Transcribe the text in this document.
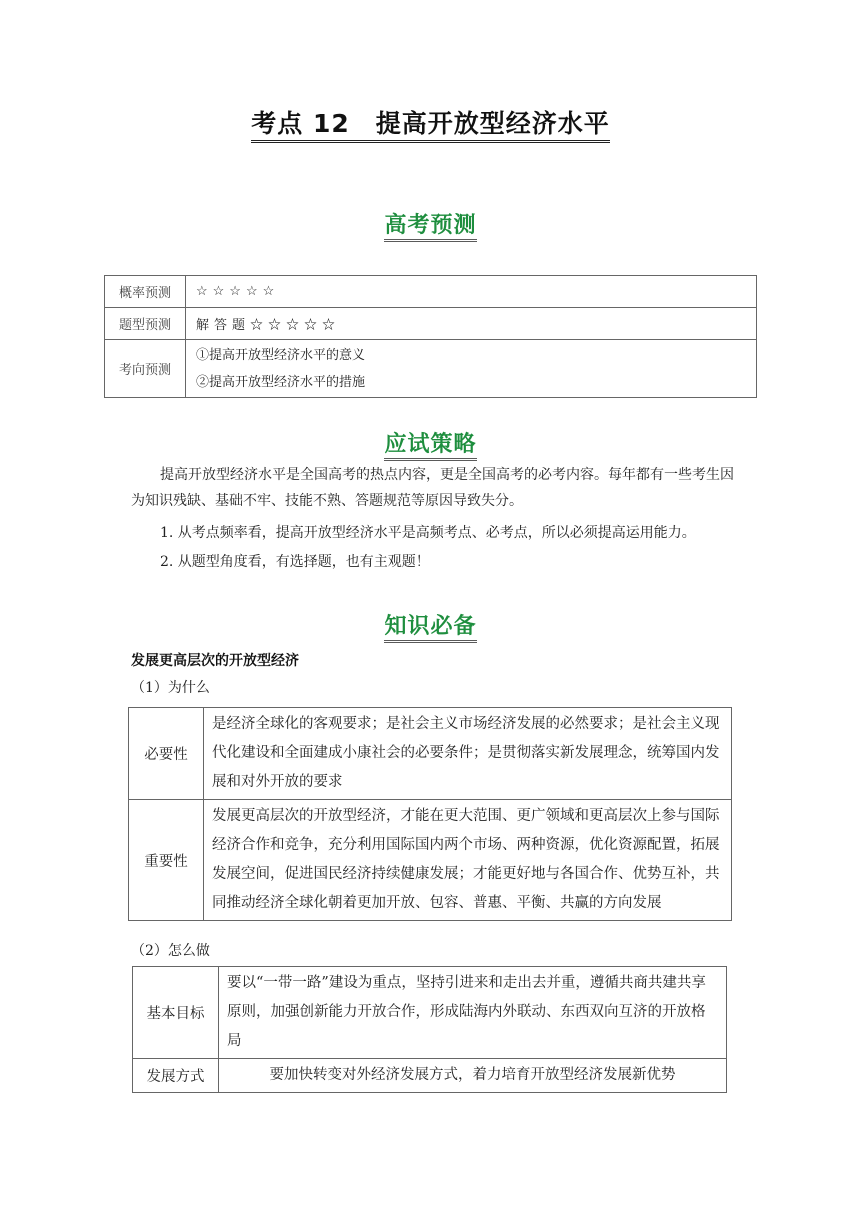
考点 12　提高开放型经济水平
高考预测
概率预测	☆☆☆☆☆
题型预测	解答题☆☆☆☆☆
考向预测	①提高开放型经济水平的意义
②提高开放型经济水平的措施
应试策略
提高开放型经济水平是全国高考的热点内容，更是全国高考的必考内容。每年都有一些考生因为知识残缺、基础不牢、技能不熟、答题规范等原因导致失分。
1. 从考点频率看，提高开放型经济水平是高频考点、必考点，所以必须提高运用能力。
2. 从题型角度看，有选择题，也有主观题！
知识必备
发展更高层次的开放型经济
（1）为什么
必要性	是经济全球化的客观要求；是社会主义市场经济发展的必然要求；是社会主义现代化建设和全面建成小康社会的必要条件；是贯彻落实新发展理念，统筹国内发展和对外开放的要求
重要性	发展更高层次的开放型经济，才能在更大范围、更广领域和更高层次上参与国际经济合作和竞争，充分利用国际国内两个市场、两种资源，优化资源配置，拓展发展空间，促进国民经济持续健康发展；才能更好地与各国合作、优势互补，共同推动经济全球化朝着更加开放、包容、普惠、平衡、共赢的方向发展
（2）怎么做
基本目标	要以“一带一路”建设为重点，坚持引进来和走出去并重，遵循共商共建共享原则，加强创新能力开放合作，形成陆海内外联动、东西双向互济的开放格局
发展方式	要加快转变对外经济发展方式，着力培育开放型经济发展新优势
